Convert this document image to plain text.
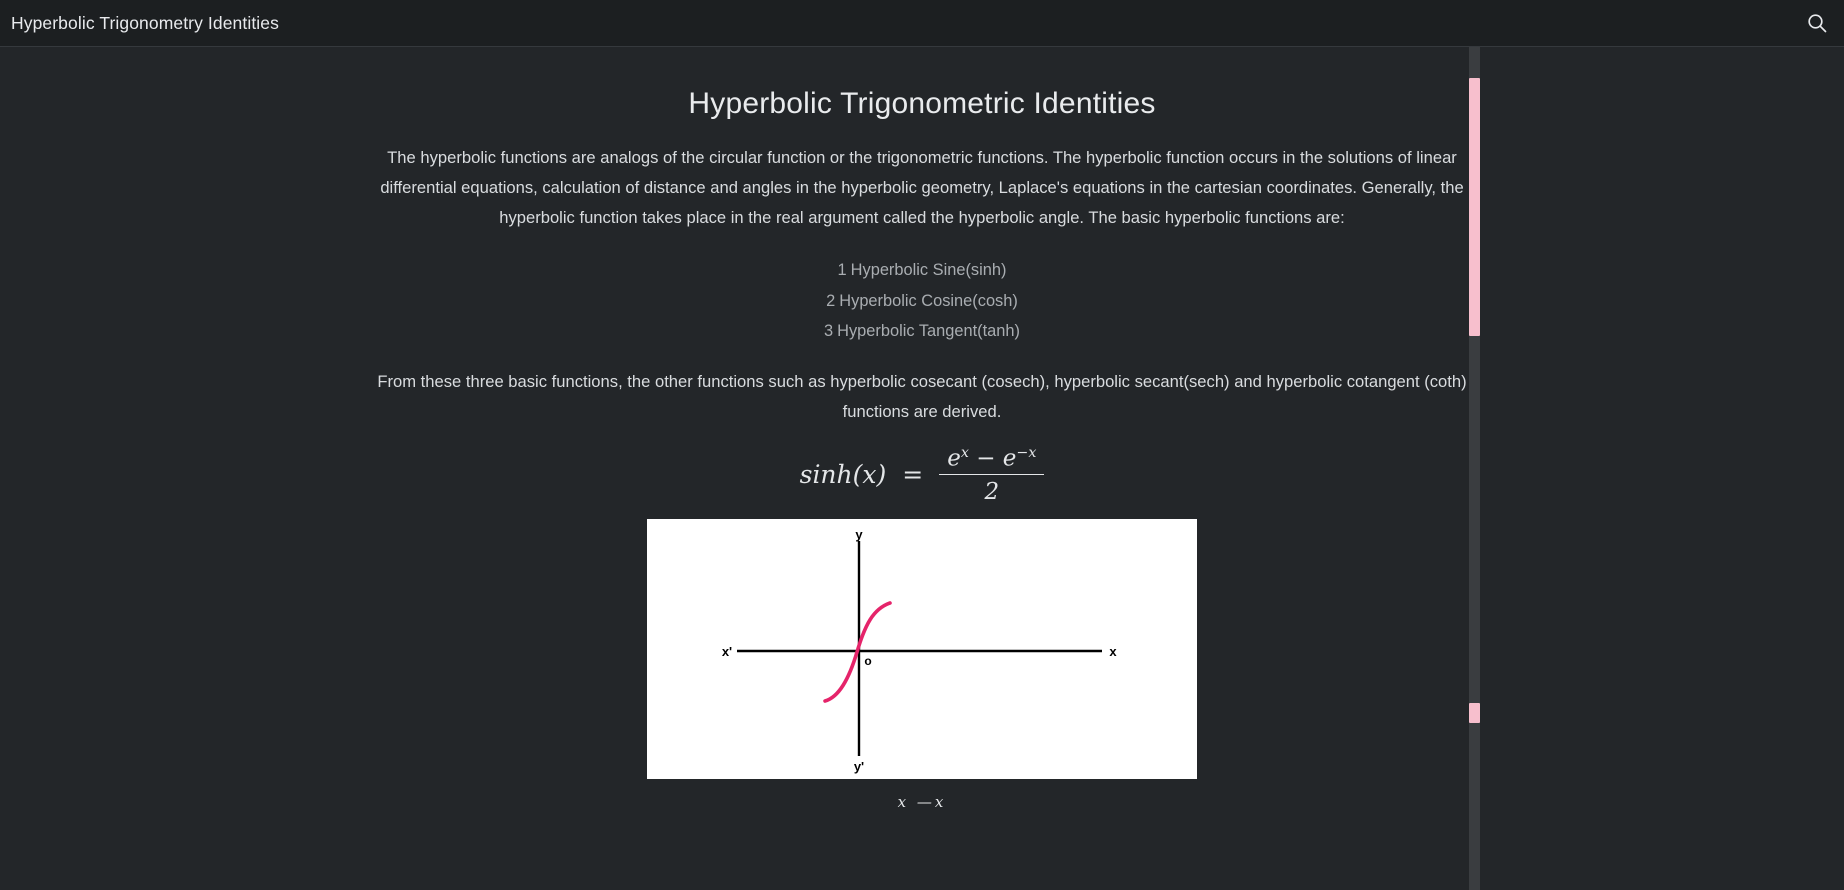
Hyperbolic Trigonometry Identities
Hyperbolic Trigonometric Identities

The hyperbolic functions are analogs of the circular function or the trigonometric functions. The hyperbolic function occurs in the solutions of linear differential equations, calculation of distance and angles in the hyperbolic geometry, Laplace's equations in the cartesian coordinates. Generally, the hyperbolic function takes place in the real argument called the hyperbolic angle. The basic hyperbolic functions are:

1 Hyperbolic Sine(sinh)
2 Hyperbolic Cosine(cosh)
3 Hyperbolic Tangent(tanh)

From these three basic functions, the other functions such as hyperbolic cosecant (cosech), hyperbolic secant(sech) and hyperbolic cotangent (coth) functions are derived.

$\sinh(x) = \frac{e^x - e^{-x}}{2}$
y
y'
x
x'
o
x —x
